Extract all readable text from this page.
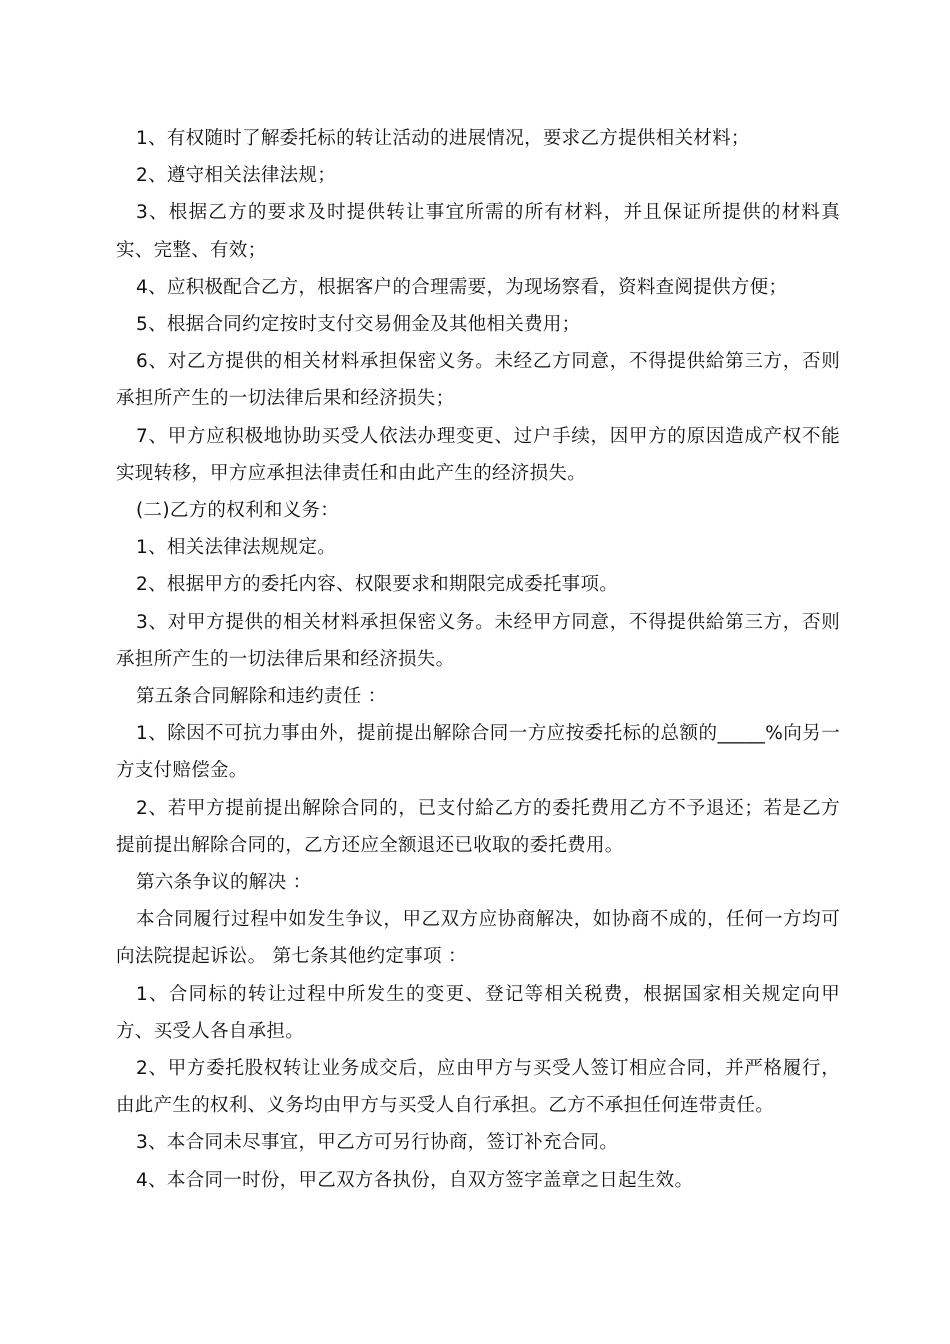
1、有权随时了解委托标的转让活动的进展情况，要求乙方提供相关材料；

2、遵守相关法律法规；

3、根据乙方的要求及时提供转让事宜所需的所有材料，并且保证所提供的材料真实、完整、有效；

4、应积极配合乙方，根据客户的合理需要，为现场察看，资料查阅提供方便；

5、根据合同约定按时支付交易佣金及其他相关费用；

6、对乙方提供的相关材料承担保密义务。未经乙方同意，不得提供給第三方，否则承担所产生的一切法律后果和经济损失；

7、甲方应积极地协助买受人依法办理变更、过户手续，因甲方的原因造成产权不能实现转移，甲方应承担法律责任和由此产生的经济损失。

(二)乙方的权利和义务：

1、相关法律法规规定。

2、根据甲方的委托内容、权限要求和期限完成委托事项。

3、对甲方提供的相关材料承担保密义务。未经甲方同意，不得提供給第三方，否则承担所产生的一切法律后果和经济损失。

第五条合同解除和违约责任 ：

1、除因不可抗力事由外，提前提出解除合同一方应按委托标的总额的_____%向另一方支付赔偿金。

2、若甲方提前提出解除合同的，已支付給乙方的委托费用乙方不予退还；若是乙方提前提出解除合同的，乙方还应全额退还已收取的委托费用。

第六条争议的解决 ：

本合同履行过程中如发生争议，甲乙双方应协商解决，如协商不成的，任何一方均可向法院提起诉讼。 第七条其他约定事项 ：

1、合同标的转让过程中所发生的变更、登记等相关税费，根据国家相关规定向甲方、买受人各自承担。

2、甲方委托股权转让业务成交后，应由甲方与买受人签订相应合同，并严格履行，由此产生的权利、义务均由甲方与买受人自行承担。乙方不承担任何连带责任。

3、本合同未尽事宜，甲乙方可另行协商，签订补充合同。

4、本合同一时份，甲乙双方各执份，自双方签字盖章之日起生效。
